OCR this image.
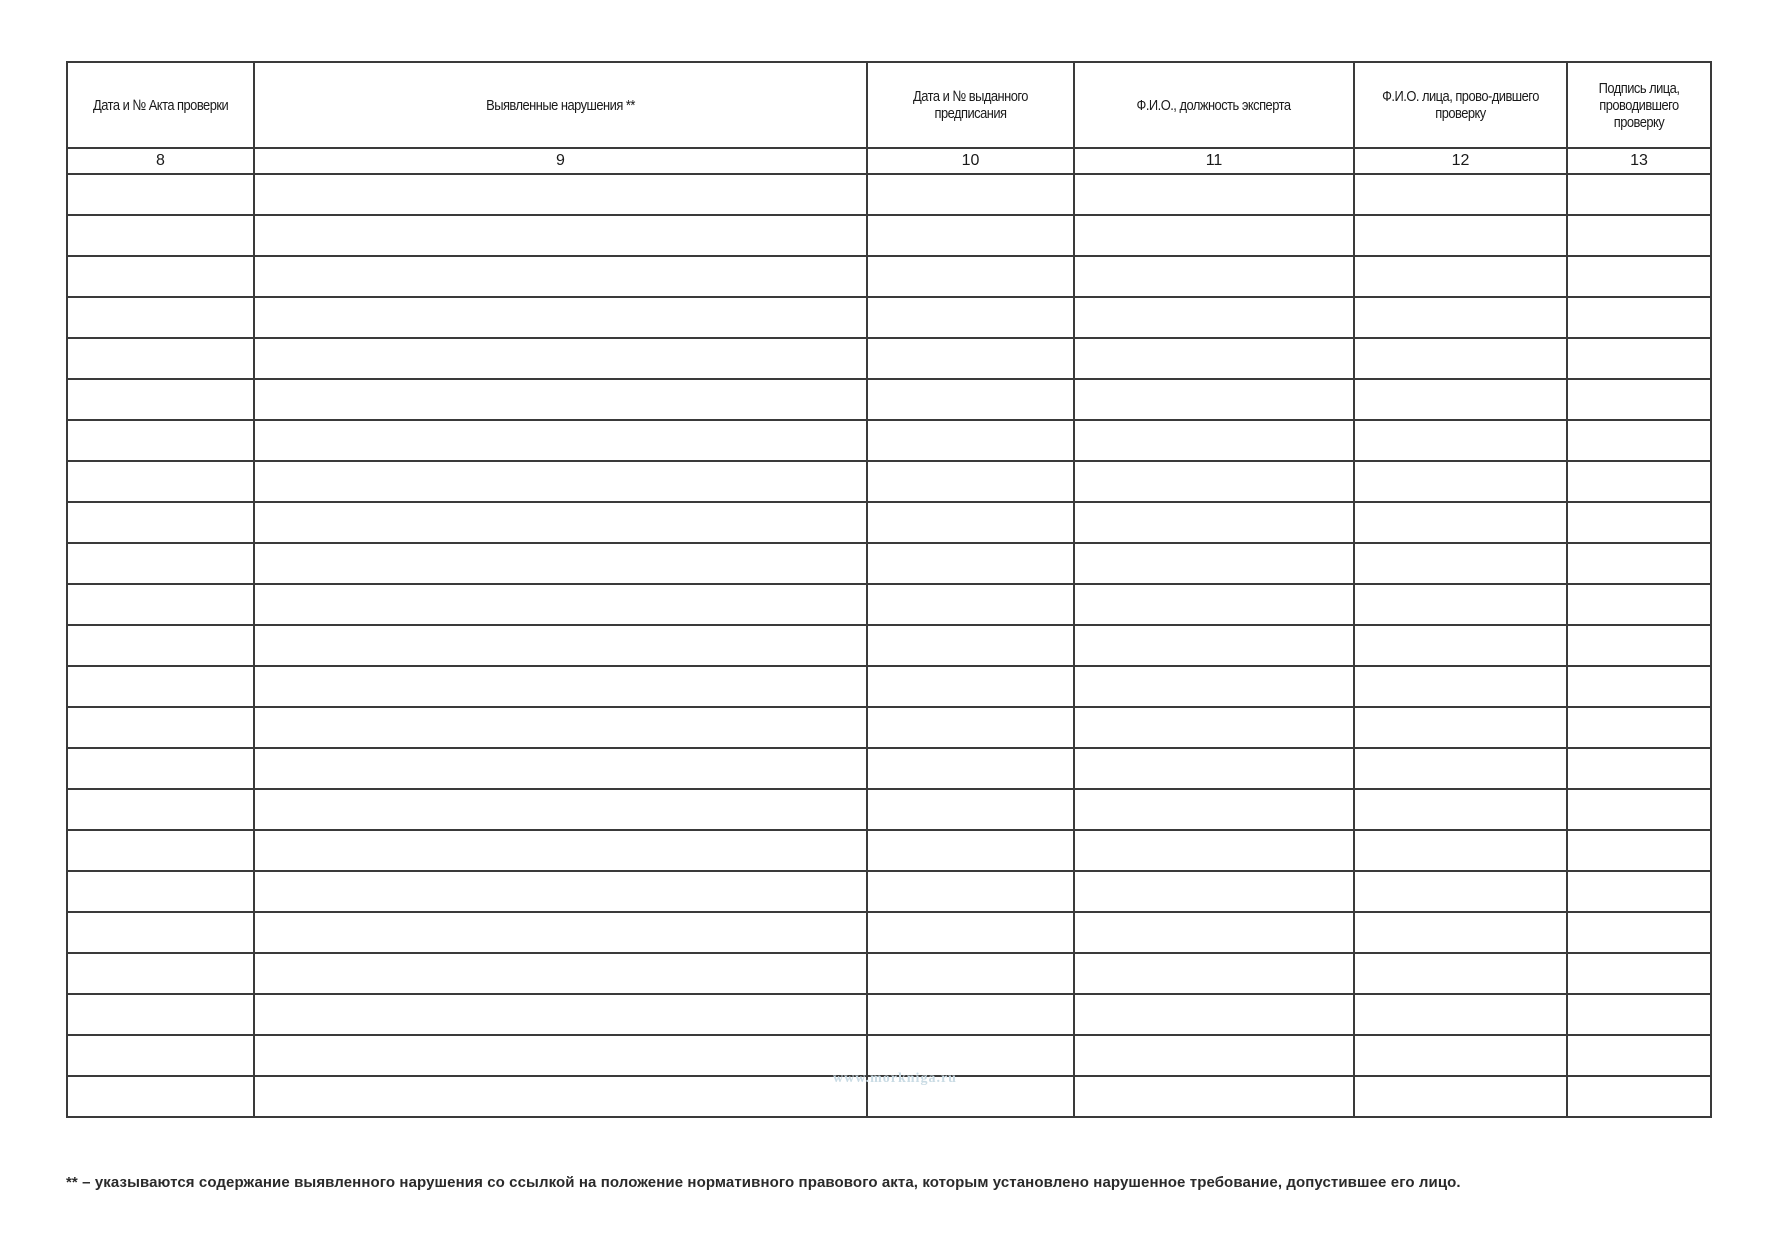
Дата и № Акта проверки	Выявленные нарушения **	Дата и № выданного предписания	Ф.И.О., должность эксперта	Ф.И.О. лица, прово-дившего проверку	Подпись лица, проводившего проверку
8	9	10	11	12	13

www.morkniga.ru
** – указываются содержание выявленного нарушения со ссылкой на положение нормативного правового акта, которым установлено нарушенное требование, допустившее его лицо.
